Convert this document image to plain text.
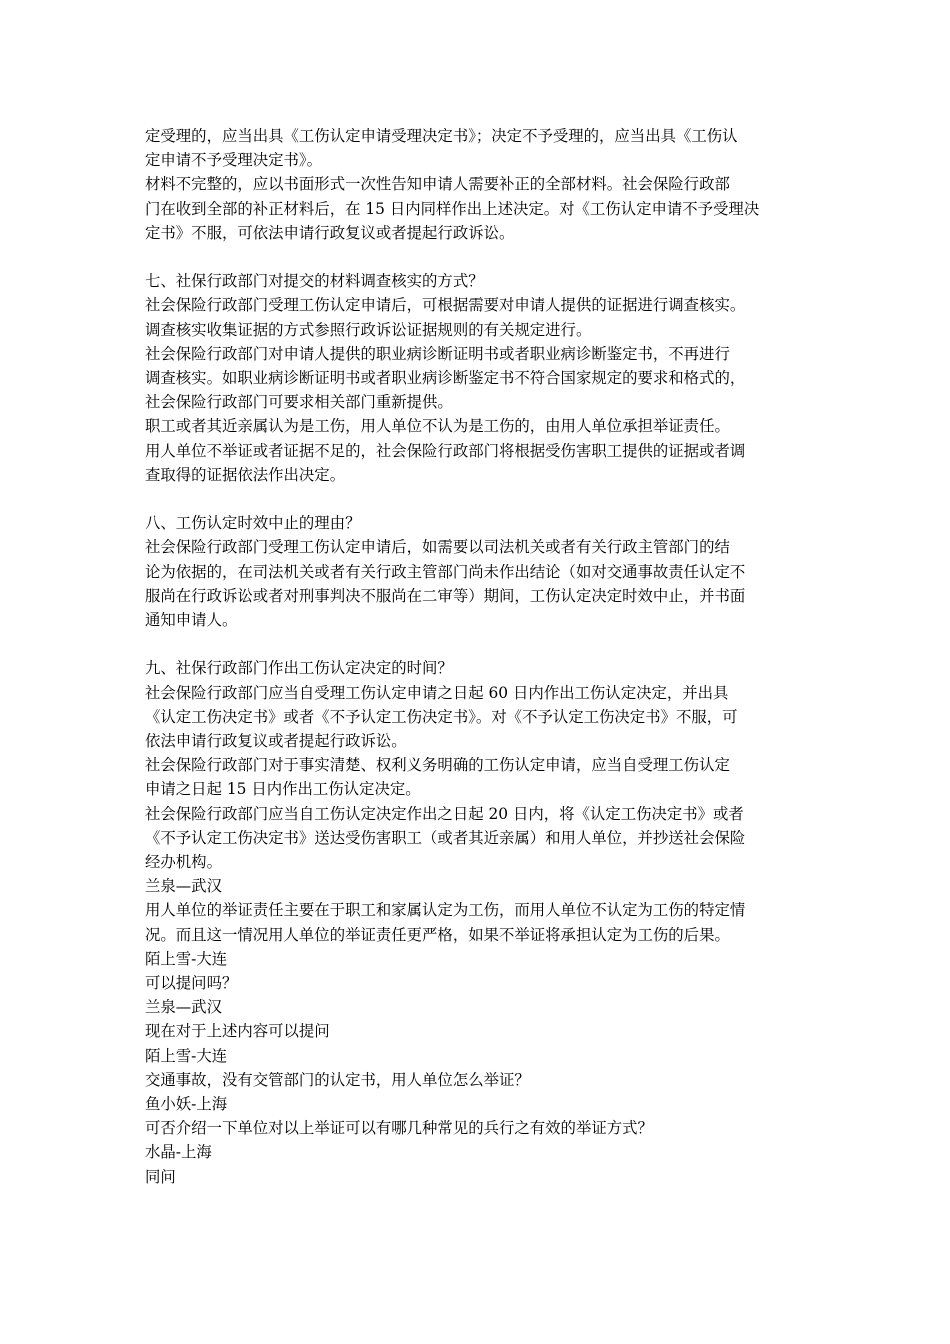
定受理的，应当出具《工伤认定申请受理决定书》；决定不予受理的，应当出具《工伤认

定申请不予受理决定书》。

材料不完整的，应以书面形式一次性告知申请人需要补正的全部材料。社会保险行政部

门在收到全部的补正材料后，在 15 日内同样作出上述决定。对《工伤认定申请不予受理决

定书》不服，可依法申请行政复议或者提起行政诉讼。

七、社保行政部门对提交的材料调查核实的方式？

社会保险行政部门受理工伤认定申请后，可根据需要对申请人提供的证据进行调查核实。

调查核实收集证据的方式参照行政诉讼证据规则的有关规定进行。

社会保险行政部门对申请人提供的职业病诊断证明书或者职业病诊断鉴定书，不再进行

调查核实。如职业病诊断证明书或者职业病诊断鉴定书不符合国家规定的要求和格式的，

社会保险行政部门可要求相关部门重新提供。

职工或者其近亲属认为是工伤，用人单位不认为是工伤的，由用人单位承担举证责任。

用人单位不举证或者证据不足的，社会保险行政部门将根据受伤害职工提供的证据或者调

查取得的证据依法作出决定。

八、工伤认定时效中止的理由？

社会保险行政部门受理工伤认定申请后，如需要以司法机关或者有关行政主管部门的结

论为依据的，在司法机关或者有关行政主管部门尚未作出结论（如对交通事故责任认定不

服尚在行政诉讼或者对刑事判决不服尚在二审等）期间，工伤认定决定时效中止，并书面

通知申请人。

九、社保行政部门作出工伤认定决定的时间？

社会保险行政部门应当自受理工伤认定申请之日起 60 日内作出工伤认定决定，并出具

《认定工伤决定书》或者《不予认定工伤决定书》。对《不予认定工伤决定书》不服，可

依法申请行政复议或者提起行政诉讼。

社会保险行政部门对于事实清楚、权利义务明确的工伤认定申请，应当自受理工伤认定

申请之日起 15 日内作出工伤认定决定。

社会保险行政部门应当自工伤认定决定作出之日起 20 日内，将《认定工伤决定书》或者

《不予认定工伤决定书》送达受伤害职工（或者其近亲属）和用人单位，并抄送社会保险

经办机构。

兰泉—武汉

用人单位的举证责任主要在于职工和家属认定为工伤，而用人单位不认定为工伤的特定情

况。而且这一情况用人单位的举证责任更严格，如果不举证将承担认定为工伤的后果。

陌上雪-大连

可以提问吗？

兰泉—武汉

现在对于上述内容可以提问

陌上雪-大连

交通事故，没有交管部门的认定书，用人单位怎么举证？

鱼小妖-上海

可否介绍一下单位对以上举证可以有哪几种常见的兵行之有效的举证方式？

水晶-上海

同问
